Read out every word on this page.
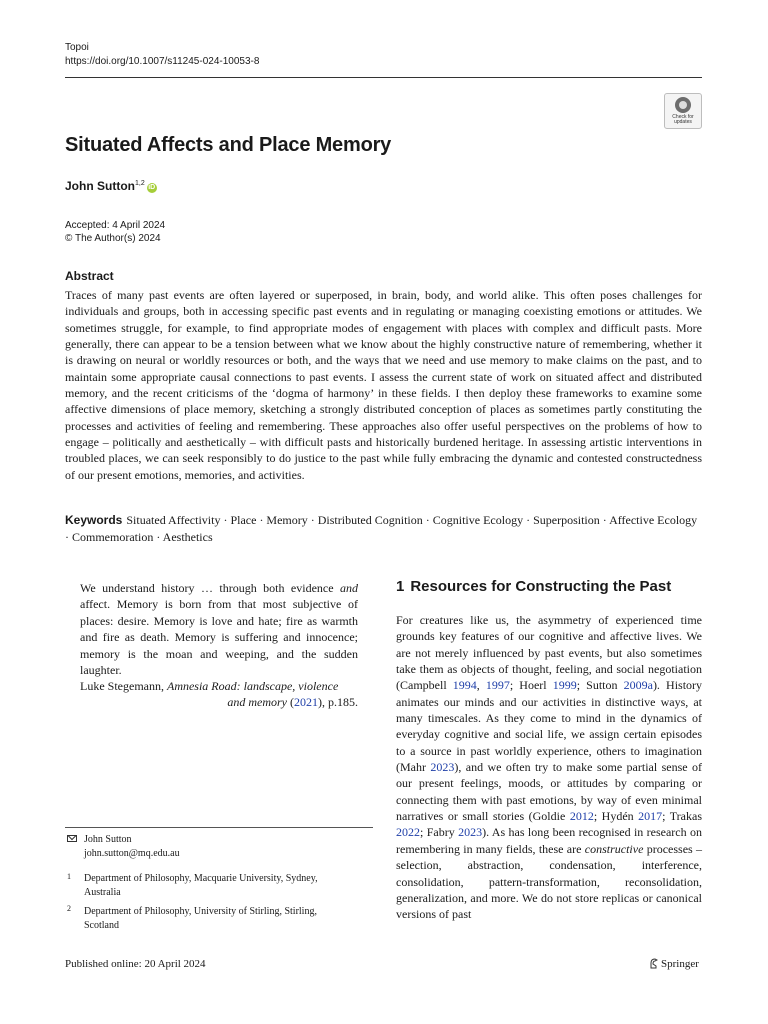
Topoi
https://doi.org/10.1007/s11245-024-10053-8
Check for updates
Situated Affects and Place Memory
John Sutton$^{1,2}$iD
Accepted: 4 April 2024
© The Author(s) 2024
Abstract

Traces of many past events are often layered or superposed, in brain, body, and world alike. This often poses challenges for individuals and groups, both in accessing specific past events and in regulating or managing coexisting emotions or attitudes. We sometimes struggle, for example, to find appropriate modes of engagement with places with complex and difficult pasts. More generally, there can appear to be a tension between what we know about the highly constructive nature of remembering, whether it is drawing on neural or worldly resources or both, and the ways that we need and use memory to make claims on the past, and to maintain some appropriate causal connections to past events. I assess the current state of work on situated affect and distributed memory, and the recent criticisms of the ‘dogma of harmony’ in these fields. I then deploy these frameworks to examine some affective dimensions of place memory, sketching a strongly distributed conception of places as sometimes partly constituting the processes and activities of feeling and remembering. These approaches also offer useful perspectives on the problems of how to engage – politically and aesthetically – with difficult pasts and historically burdened heritage. In assessing artistic interventions in troubled places, we can seek responsibly to do justice to the past while fully embracing the dynamic and contested constructedness of our present emotions, memories, and activities.

Keywords Situated Affectivity · Place · Memory · Distributed Cognition · Cognitive Ecology · Superposition · Affective Ecology · Commemoration · Aesthetics

We understand history … through both evidence and affect. Memory is born from that most subjective of places: desire. Memory is love and hate; fire as warmth and fire as death. Memory is suffering and innocence; memory is the moan and weeping, and the sudden laughter.

Luke Stegemann, Amnesia Road: landscape, violence
and memory (2021), p.185.
1 Resources for Constructing the Past

For creatures like us, the asymmetry of experienced time grounds key features of our cognitive and affective lives. We are not merely influenced by past events, but also sometimes take them as objects of thought, feeling, and social negotiation (Campbell 1994, 1997; Hoerl 1999; Sutton 2009a). History animates our minds and our activities in distinctive ways, at many timescales. As they come to mind in the dynamics of everyday cognitive and social life, we assign certain episodes to a source in past worldly experience, others to imagination (Mahr 2023), and we often try to make some partial sense of our present feelings, moods, or attitudes by comparing or connecting them with past emotions, by way of even minimal narratives or small stories (Goldie 2012; Hydén 2017; Trakas 2022; Fabry 2023). As has long been recognised in research on remembering in many fields, these are constructive processes – selection, abstraction, condensation, interference, consolidation, pattern-transformation, reconsolidation, generalization, and more. We do not store replicas or canonical versions of past

John Sutton
john.sutton@mq.edu.au
1 Department of Philosophy, Macquarie University, Sydney, Australia
2 Department of Philosophy, University of Stirling, Stirling, Scotland
Published online: 20 April 2024	Springer
